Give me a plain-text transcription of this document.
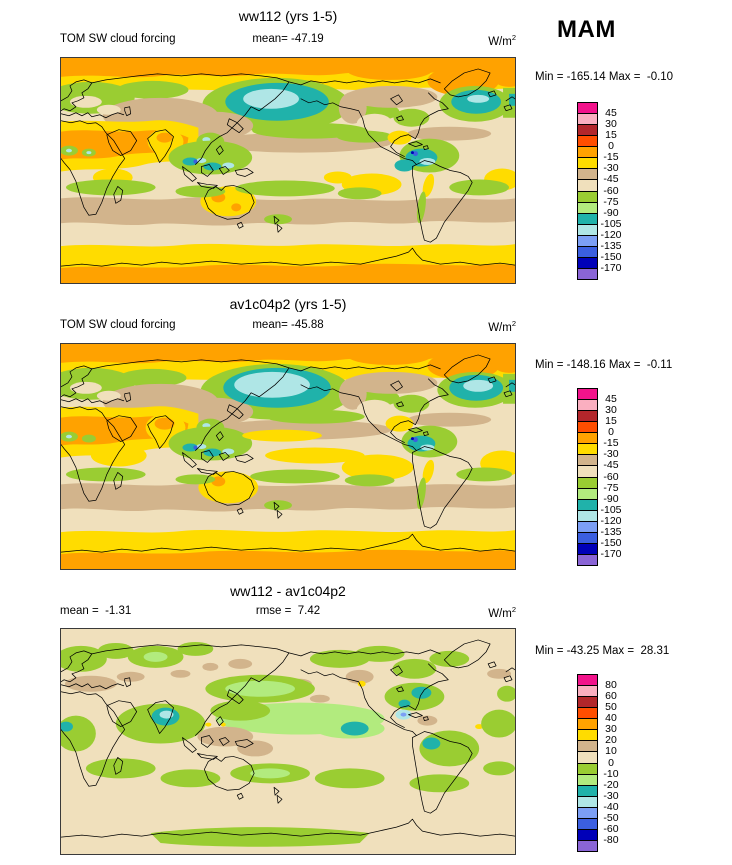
ww112 (yrs 1-5)
TOM SW cloud forcing	mean= -47.19	$W/m^2$ MAM
Min = -165.14 Max =  -0.10
45
30
15
0
-15
-30
-45
-60
-75
-90
-105
-120
-135
-150
-170
av1c04p2 (yrs 1-5)
TOM SW cloud forcing	mean= -45.88	$W/m^2$
Min = -148.16 Max =  -0.11
45
30
15
0
-15
-30
-45
-60
-75
-90
-105
-120
-135
-150
-170
ww112 - av1c04p2
mean =  -1.31	rmse =  7.42	$W/m^2$
Min = -43.25 Max =  28.31
80
60
50
40
30
20
10
0
-10
-20
-30
-40
-50
-60
-80
